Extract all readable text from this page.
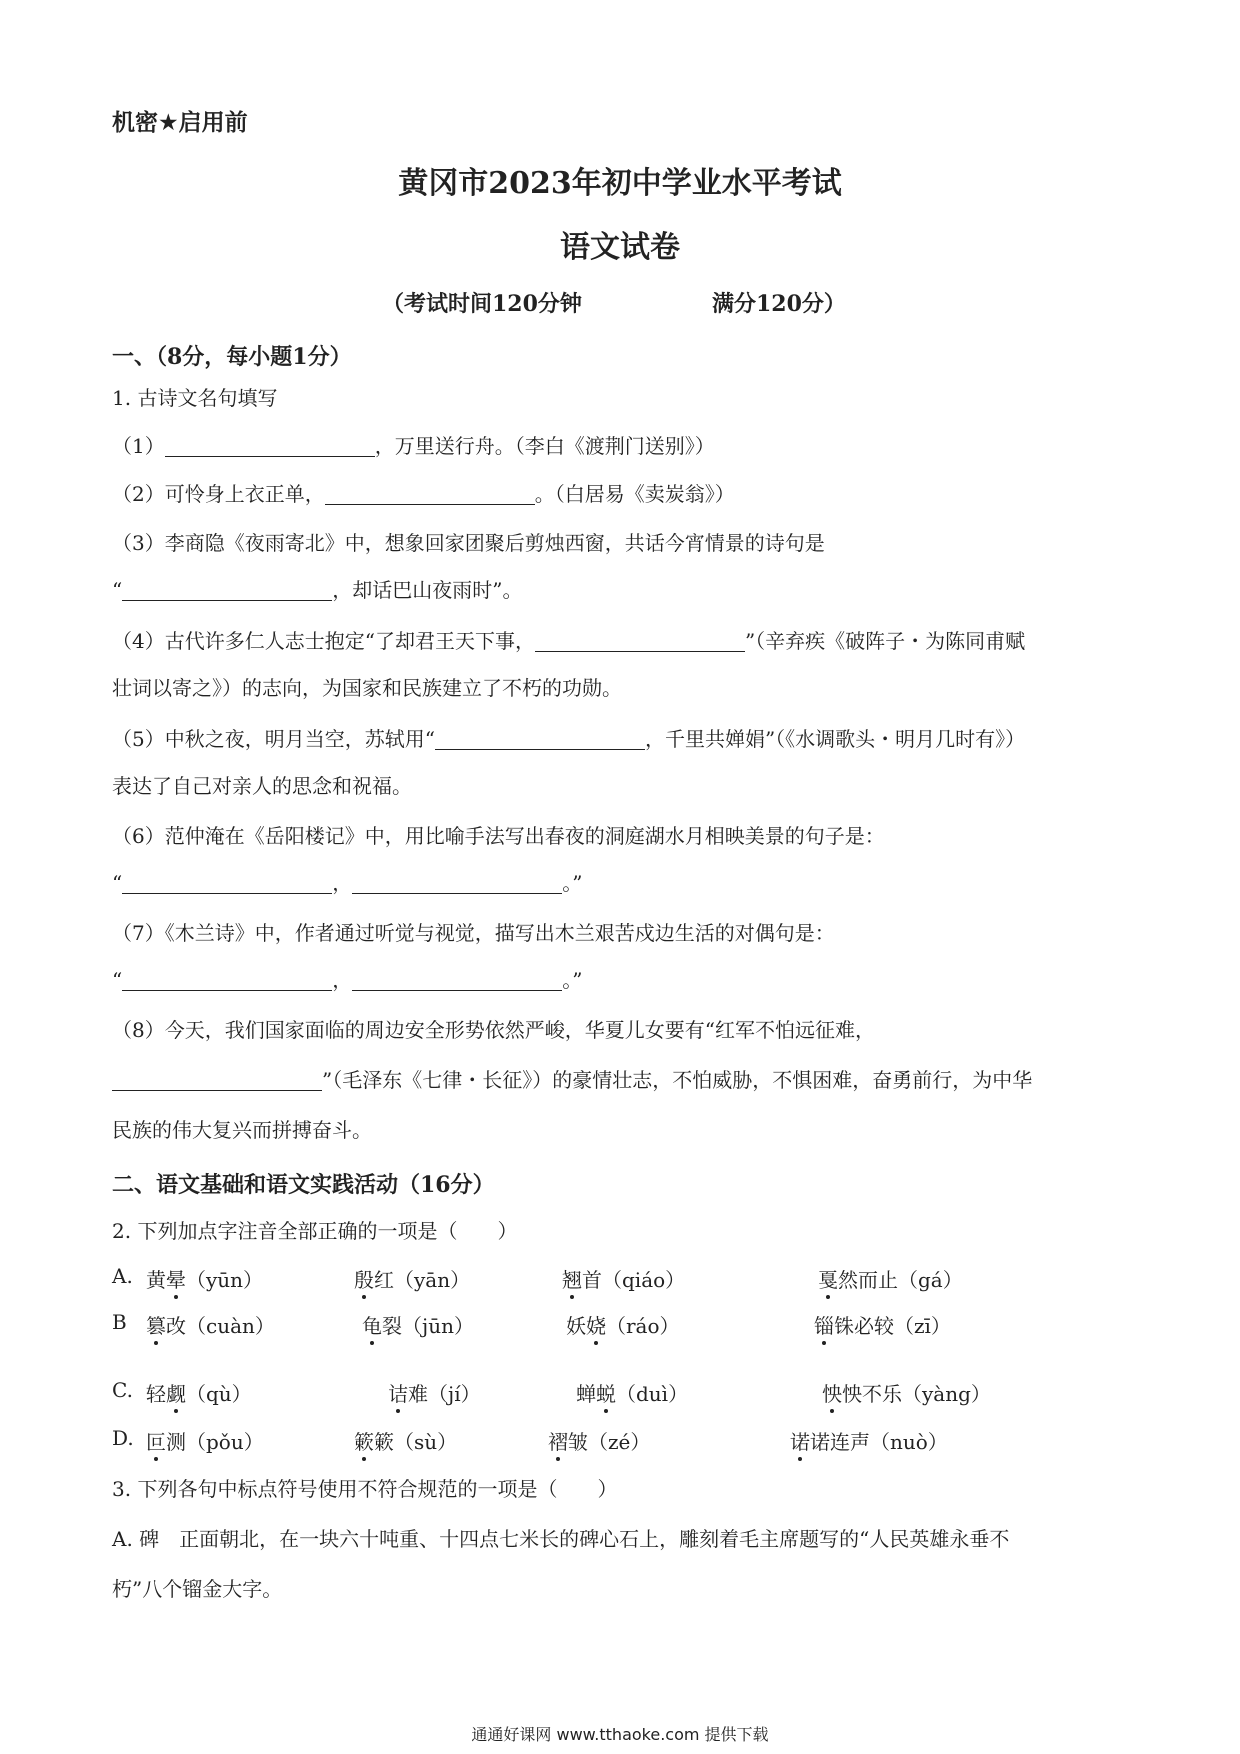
机密★启用前
黄冈市2023年初中学业水平考试
语文试卷
（考试时间120分钟	满分120分）
一、（8分，每小题1分）
1. 古诗文名句填写
（1）	，万里送行舟。（李白《渡荆门送别》）
（2）可怜身上衣正单，	。（白居易《卖炭翁》）
（3）李商隐《夜雨寄北》中，想象回家团聚后剪烛西窗，共话今宵情景的诗句是
“	，却话巴山夜雨时”。
（4）古代许多仁人志士抱定“了却君王天下事，	”（辛弃疾《破阵子・为陈同甫赋
壮词以寄之》）的志向，为国家和民族建立了不朽的功勋。
（5）中秋之夜，明月当空，苏轼用“	，千里共婵娟”（《水调歌头・明月几时有》）
表达了自己对亲人的思念和祝福。
（6）范仲淹在《岳阳楼记》中，用比喻手法写出春夜的洞庭湖水月相映美景的句子是：
“	，	。”
（7）《木兰诗》中，作者通过听觉与视觉，描写出木兰艰苦戍边生活的对偶句是：
“	，	。”
（8）今天，我们国家面临的周边安全形势依然严峻，华夏儿女要有“红军不怕远征难，
”（毛泽东《七律・长征》）的豪情壮志，不怕威胁，不惧困难，奋勇前行，为中华
民族的伟大复兴而拼搏奋斗。
二、语文基础和语文实践活动（16分）
2. 下列加点字注音全部正确的一项是（　　）
A. 黄晕（yūn）	殷红（yān）	翘首（qiáo）	戛然而止（gá）
B 篡改（cuàn）	龟裂（jūn）	妖娆（ráo）	锱铢必较（zī）
C. 轻觑（qù）	诘难（jí）	蝉蜕（duì）	怏怏不乐（yàng）
D. 叵测（pǒu）	簌簌（sù）	褶皱（zé）	诺诺连声（nuò）
3. 下列各句中标点符号使用不符合规范的一项是（　　）
A. 碑　正面朝北，在一块六十吨重、十四点七米长的碑心石上，雕刻着毛主席题写的“人民英雄永垂不
朽”八个镏金大字。
通通好课网 www.tthaoke.com 提供下载
